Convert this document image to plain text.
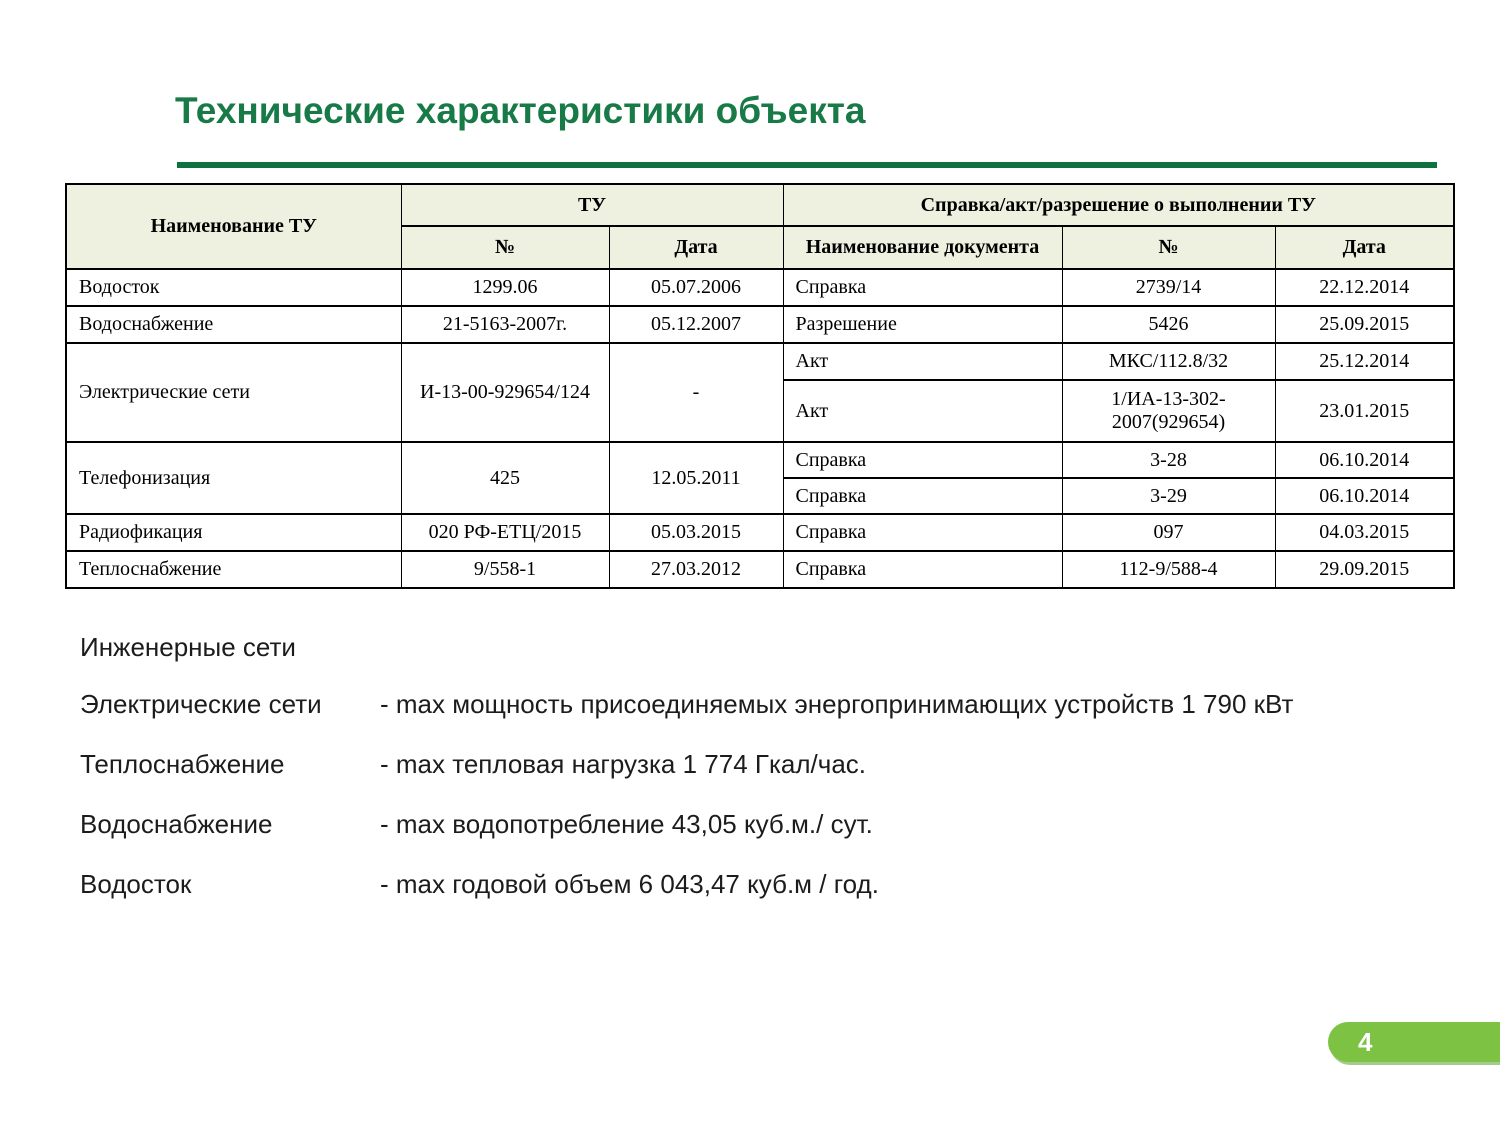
Технические характеристики объекта
Наименование ТУ	ТУ		Справка/акт/разрешение о выполнении ТУ		
	№	Дата	Наименование документа	№	Дата
Водосток	1299.06	05.07.2006	Справка	2739/14	22.12.2014
Водоснабжение	21-5163-2007г.	05.12.2007	Разрешение	5426	25.09.2015
Электрические сети	И-13-00-929654/124	-	Акт	МКС/112.8/32	25.12.2014
			Акт	1/ИА-13-302-2007(929654)	23.01.2015
Телефонизация	425	12.05.2011	Справка	3-28	06.10.2014
			Справка	3-29	06.10.2014
Радиофикация	020 РФ-ЕТЦ/2015	05.03.2015	Справка	097	04.03.2015
Теплоснабжение	9/558-1	27.03.2012	Справка	112-9/588-4	29.09.2015

Инженерные сети

Электрические сети	- max мощность присоединяемых энергопринимающих устройств 1 790 кВт
Теплоснабжение	- max тепловая нагрузка 1 774 Гкал/час.
Водоснабжение	- max водопотребление 43,05 куб.м./ сут.
Водосток	- max годовой объем 6 043,47 куб.м / год.
4
